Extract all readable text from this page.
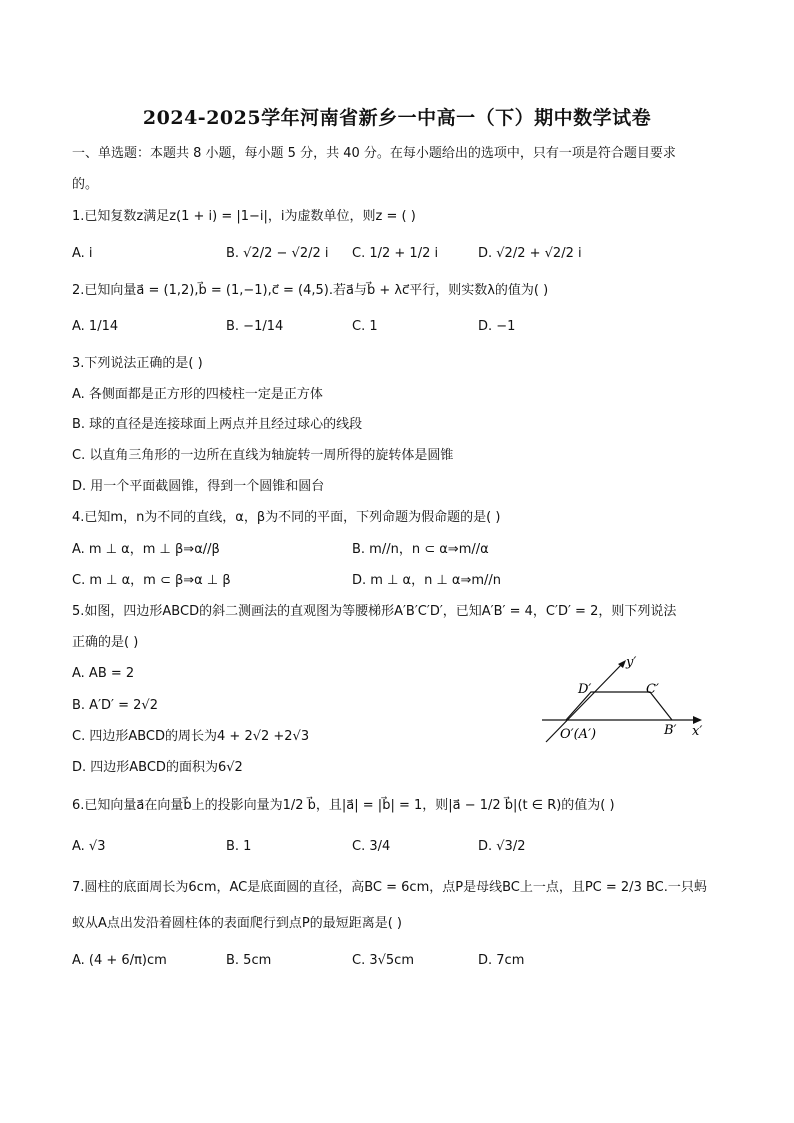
2024-2025学年河南省新乡一中高一（下）期中数学试卷
一、单选题：本题共 8 小题，每小题 5 分，共 40 分。在每小题给出的选项中，只有一项是符合题目要求
的。
1.已知复数z满足z(1 + i) = |1−i|，i为虚数单位，则z = ( )
A. i	B. √2/2 − √2/2 i C. 1/2 + 1/2 i	D. √2/2 + √2/2 i
2.已知向量a⃗ = (1,2),b⃗ = (1,−1),c⃗ = (4,5).若a⃗与b⃗ + λc⃗平行，则实数λ的值为( )
A. 1/14	B. −1/14	C. 1	D. −1
3.下列说法正确的是( )
A. 各侧面都是正方形的四棱柱一定是正方体
B. 球的直径是连接球面上两点并且经过球心的线段
C. 以直角三角形的一边所在直线为轴旋转一周所得的旋转体是圆锥
D. 用一个平面截圆锥，得到一个圆锥和圆台
4.已知m，n为不同的直线，α，β为不同的平面，下列命题为假命题的是( )
A. m ⊥ α，m ⊥ β⇒α//β	B. m//n，n ⊂ α⇒m//α
C. m ⊥ α，m ⊂ β⇒α ⊥ β	D. m ⊥ α，n ⊥ α⇒m//n
5.如图，四边形ABCD的斜二测画法的直观图为等腰梯形A′B′C′D′，已知A′B′ = 4，C′D′ = 2，则下列说法
正确的是( )
A. AB = 2
B. A′D′ = 2√2
C. 四边形ABCD的周长为4 + 2√2 +2√3
D. 四边形ABCD的面积为6√2
y′
x′
D′	C′
B′
O′(A′)
6.已知向量a⃗在向量b⃗上的投影向量为1/2 b⃗，且|a⃗| = |b⃗| = 1，则|a⃗ − 1/2 b⃗|(t ∈ R)的值为( )
A. √3	B. 1	C. 3/4	D. √3/2
7.圆柱的底面周长为6cm，AC是底面圆的直径，高BC = 6cm，点P是母线BC上一点，且PC = 2/3 BC.一只蚂
蚁从A点出发沿着圆柱体的表面爬行到点P的最短距离是( )
A. (4 + 6/π)cm	B. 5cm	C. 3√5cm	D. 7cm
